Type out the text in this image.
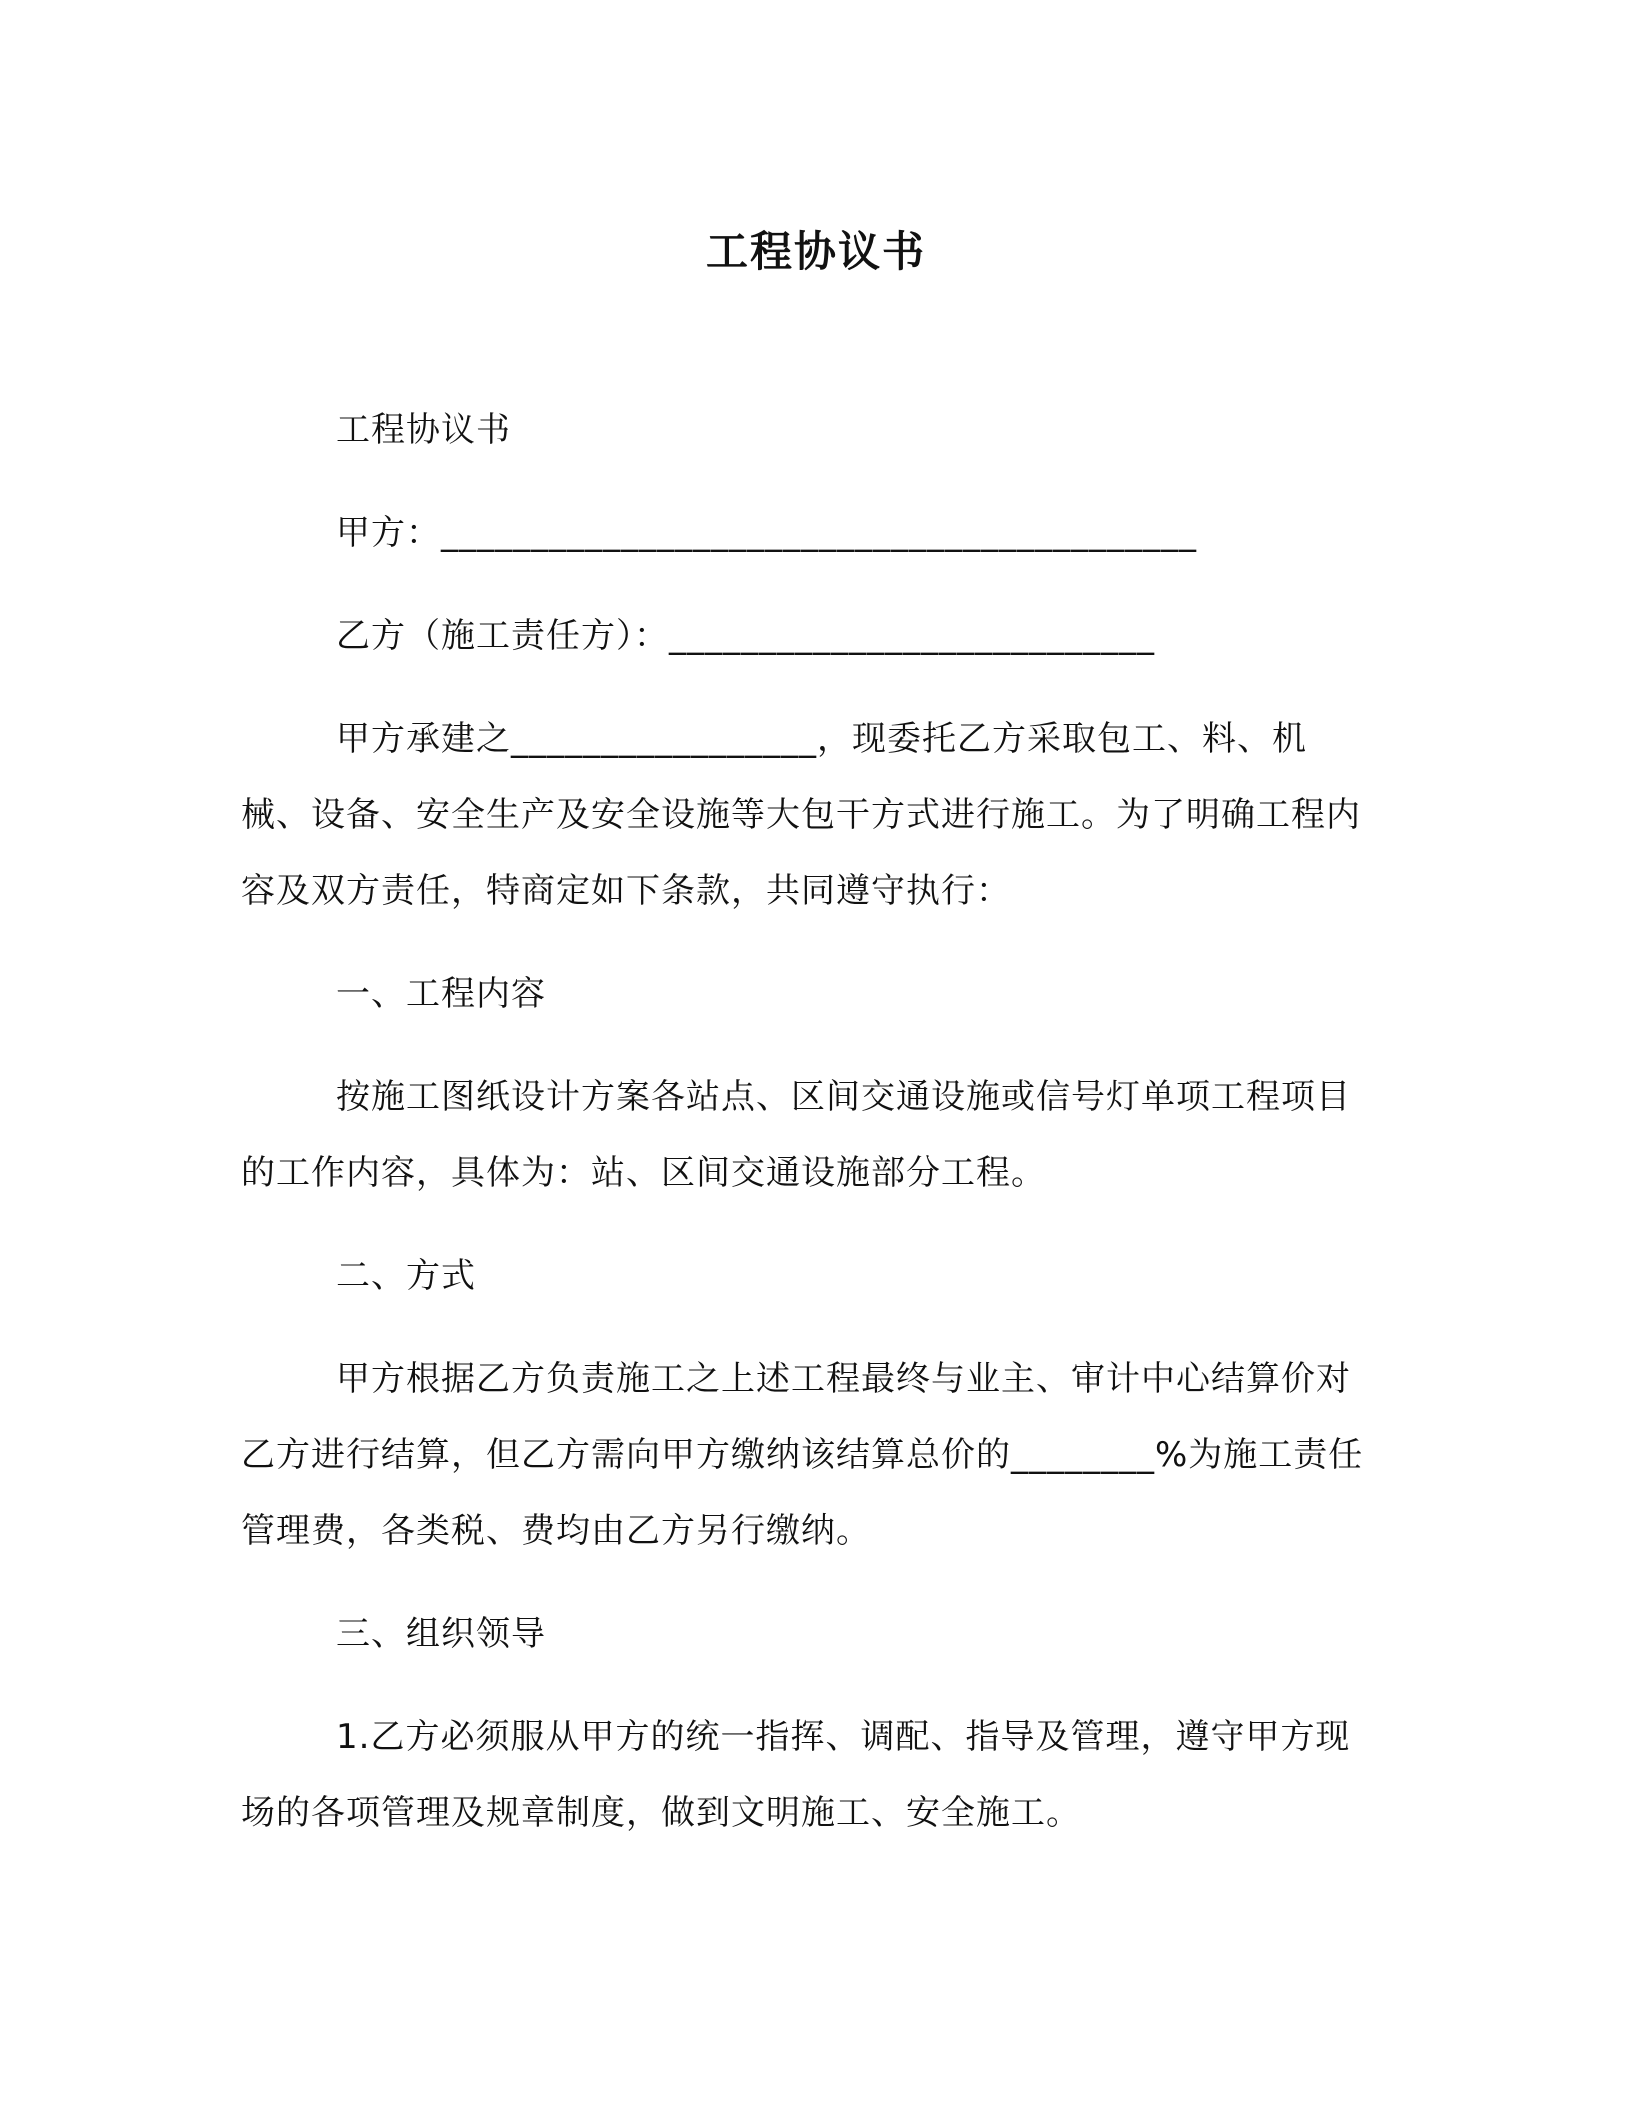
工程协议书

工程协议书

甲方：__________________________________________

乙方（施工责任方）：___________________________

甲方承建之_________________，现委托乙方采取包工、料、机械、设备、安全生产及安全设施等大包干方式进行施工。为了明确工程内容及双方责任，特商定如下条款，共同遵守执行：

一、工程内容

按施工图纸设计方案各站点、区间交通设施或信号灯单项工程项目的工作内容，具体为：站、区间交通设施部分工程。

二、方式

甲方根据乙方负责施工之上述工程最终与业主、审计中心结算价对乙方进行结算，但乙方需向甲方缴纳该结算总价的________%为施工责任管理费，各类税、费均由乙方另行缴纳。

三、组织领导

1.乙方必须服从甲方的统一指挥、调配、指导及管理，遵守甲方现场的各项管理及规章制度，做到文明施工、安全施工。
